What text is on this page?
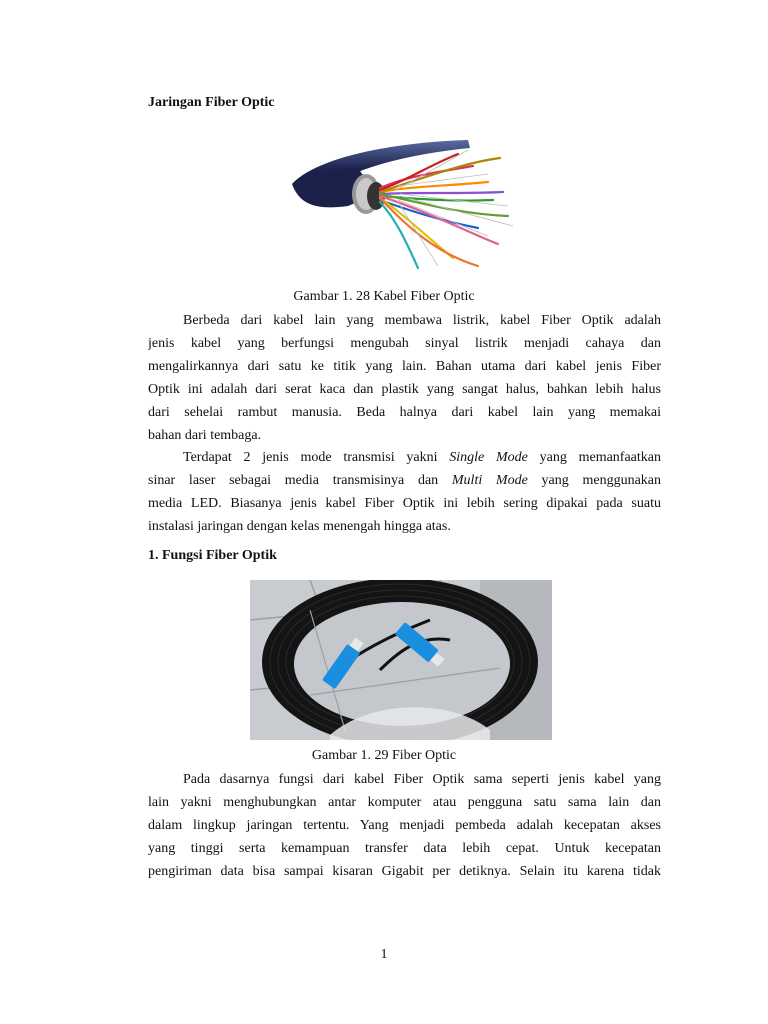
Jaringan Fiber Optic
Gambar 1. 28 Kabel Fiber Optic
Berbeda dari kabel lain yang membawa listrik, kabel Fiber Optik adalah
jenis kabel yang berfungsi mengubah sinyal listrik menjadi cahaya dan
mengalirkannya dari satu ke titik yang lain. Bahan utama dari kabel jenis Fiber
Optik ini adalah dari serat kaca dan plastik yang sangat halus, bahkan lebih halus
dari sehelai rambut manusia. Beda halnya dari kabel lain yang memakai
bahan dari tembaga.
Terdapat 2 jenis mode transmisi yakni Single Mode yang memanfaatkan
sinar laser sebagai media transmisinya dan Multi Mode yang menggunakan
media LED. Biasanya jenis kabel Fiber Optik ini lebih sering dipakai pada suatu
instalasi jaringan dengan kelas menengah hingga atas.
1. Fungsi Fiber Optik
Gambar 1. 29 Fiber Optic
Pada dasarnya fungsi dari kabel Fiber Optik sama seperti jenis kabel yang
lain yakni menghubungkan antar komputer atau pengguna satu sama lain dan
dalam lingkup jaringan tertentu. Yang menjadi pembeda adalah kecepatan akses
yang tinggi serta kemampuan transfer data lebih cepat. Untuk kecepatan
pengiriman data bisa sampai kisaran Gigabit per detiknya. Selain itu karena tidak
1
